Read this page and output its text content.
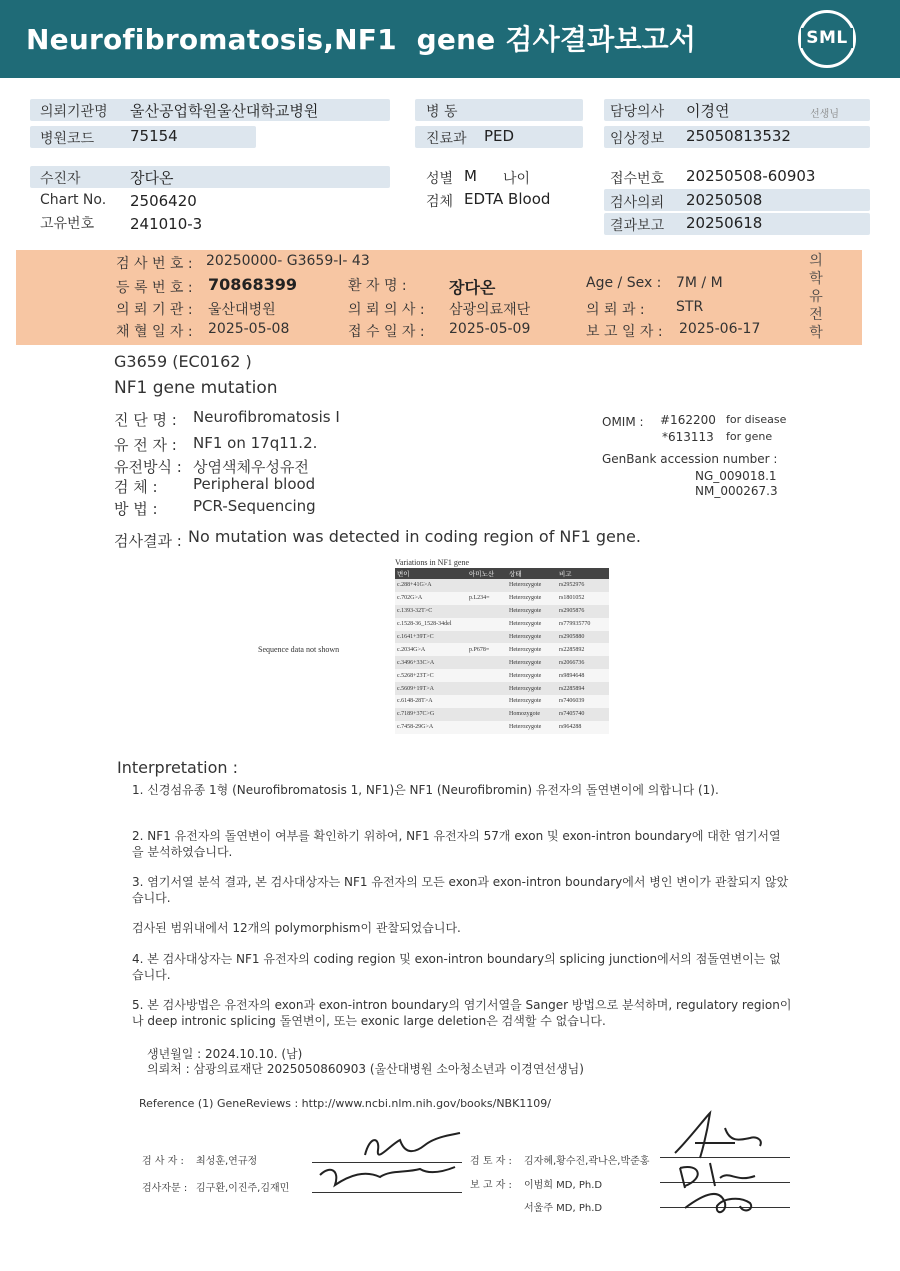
Neurofibromatosis,NF1  gene 검사결과보고서	SML
의뢰기관명 울산공업학원울산대학교병원
병원코드 75154
병 동
진료과 PED
담당의사 이경연	선생님
임상정보 25050813532
수진자	장다온
Chart No. 2506420
고유번호 241010-3
성별 M 나이
검체 EDTA Blood
접수번호 20250508-60903
검사의뢰 20250508
결과보고 20250618
검 사 번 호 : 20250000- G3659-I- 43
등 록 번 호 : 70868399	환 자 명 :	장다온	Age / Sex : 7M / M
의 뢰 기 관 : 울산대병원	의 뢰 의 사 : 삼광의료재단	의 뢰 과 : STR
채 혈 일 자 : 2025-05-08	접 수 일 자 : 2025-05-09	보 고 일 자 : 2025-06-17
의
학
유
전
학
G3659 (EC0162 )
NF1 gene mutation
진 단 명 : Neurofibromatosis I
유 전 자 : NF1 on 17q11.2.
유전방식 : 상염색체우성유전
검 체 : Peripheral blood
방 법 : PCR-Sequencing
OMIM : #162200 for disease
*613113 for gene
GenBank accession number :
NG_009018.1
NM_000267.3
검사결과 : No mutation was detected in coding region of NF1 gene.
Sequence data not shown
Variations in NF1 gene
변이	아미노산	상태	비고
c.288+41G>A		Heterozygote	rs2952976
c.702G>A	p.L234=	Heterozygote	rs1801052
c.1393-32T>C		Heterozygote	rs2905876
c.1528-36_1528-34del		Heterozygote	rs779935770
c.1641+39T>C		Heterozygote	rs2905880
c.2034G>A	p.P678=	Heterozygote	rs2285892
c.3496+33C>A		Heterozygote	rs2066736
c.5268+23T>C		Heterozygote	rs9894648
c.5609+19T>A		Heterozygote	rs2285894
c.6148-28T>A		Heterozygote	rs7406039
c.7189+37C>G		Homozygote	rs7405740
c.7458-29G>A		Heterozygote	rs964288
Interpretation :
1. 신경섬유종 1형 (Neurofibromatosis 1, NF1)은 NF1 (Neurofibromin) 유전자의 돌연변이에 의합니다 (1).
2. NF1 유전자의 돌연변이 여부를 확인하기 위하여, NF1 유전자의 57개 exon 및 exon-intron boundary에 대한 염기서열을 분석하였습니다.
3. 염기서열 분석 결과, 본 검사대상자는 NF1 유전자의 모든 exon과 exon-intron boundary에서 병인 변이가 관찰되지 않았습니다.
검사된 범위내에서 12개의 polymorphism이 관찰되었습니다.
4. 본 검사대상자는 NF1 유전자의 coding region 및 exon-intron boundary의 splicing junction에서의 점돌연변이는 없습니다.
5. 본 검사방법은 유전자의 exon과 exon-intron boundary의 염기서열을 Sanger 방법으로 분석하며, regulatory region이나 deep intronic splicing 돌연변이, 또는 exonic large deletion은 검색할 수 없습니다.
생년월일 : 2024.10.10. (남)
의뢰처 : 삼광의료재단 2025050860903 (울산대병원 소아청소년과 이경연선생님)
Reference (1) GeneReviews : http://www.ncbi.nlm.nih.gov/books/NBK1109/
검 사 자 : 최성훈,연규정
검사자문 : 김구환,이진주,김재민
검 토 자 : 김자혜,황수진,곽나은,박준홍
보 고 자 : 이범희 MD, Ph.D
서울주 MD, Ph.D
